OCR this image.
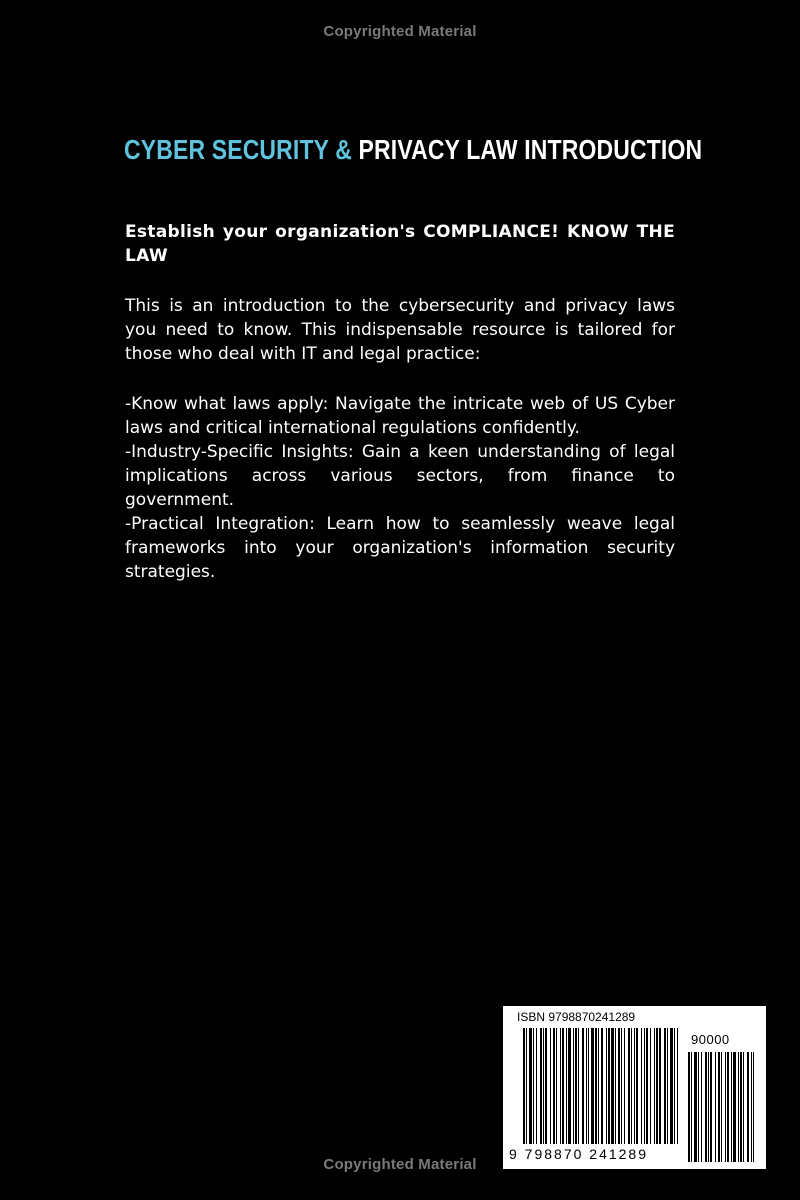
Copyrighted Material
CYBER SECURITY & PRIVACY LAW INTRODUCTION

Establish your organization's COMPLIANCE! KNOW THE LAW

This is an introduction to the cybersecurity and privacy laws you need to know. This indispensable resource is tailored for those who deal with IT and legal practice:

-Know what laws apply: Navigate the intricate web of US Cyber laws and critical international regulations confidently.

-Industry-Specific Insights: Gain a keen understanding of legal implications across various sectors, from finance to government.

-Practical Integration: Learn how to seamlessly weave legal frameworks into your organization's information security strategies.

ISBN 9798870241289
90000
9 798870 241289
Copyrighted Material
